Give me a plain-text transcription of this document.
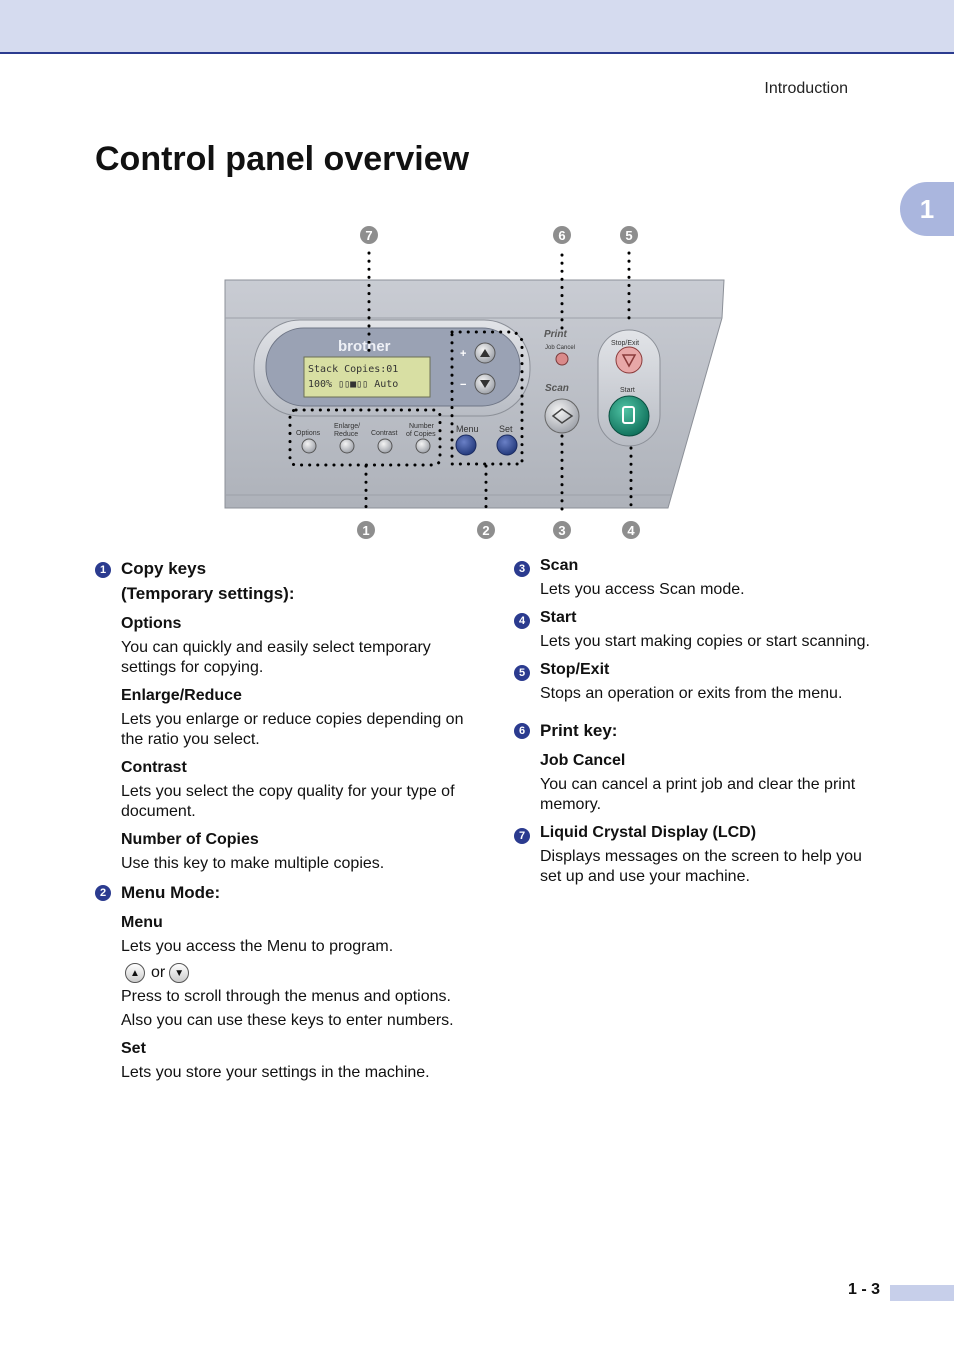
Introduction
1
Control panel overview
brother
Stack Copies:01
100% ▯▯■▯▯ Auto
+
−
Options
Enlarge/
Reduce Contrast
Number
of Copies
Menu Set
Print
Job Cancel
Scan
Stop/Exit
Start
7	6	5
1	2	3	4
1 Copy keys
(Temporary settings):
Options
You can quickly and easily select temporary settings for copying.
Enlarge/Reduce
Lets you enlarge or reduce copies depending on the ratio you select.
Contrast
Lets you select the copy quality for your type of document.
Number of Copies
Use this key to make multiple copies.
2 Menu Mode:
Menu
Lets you access the Menu to program.
▲ or ▼
Press to scroll through the menus and options.
Also you can use these keys to enter numbers.
Set
Lets you store your settings in the machine.
3 Scan
Lets you access Scan mode.
4 Start
Lets you start making copies or start scanning.
5 Stop/Exit
Stops an operation or exits from the menu.
6 Print key:
Job Cancel
You can cancel a print job and clear the print memory.
7 Liquid Crystal Display (LCD)
Displays messages on the screen to help you set up and use your machine.
1 - 3
